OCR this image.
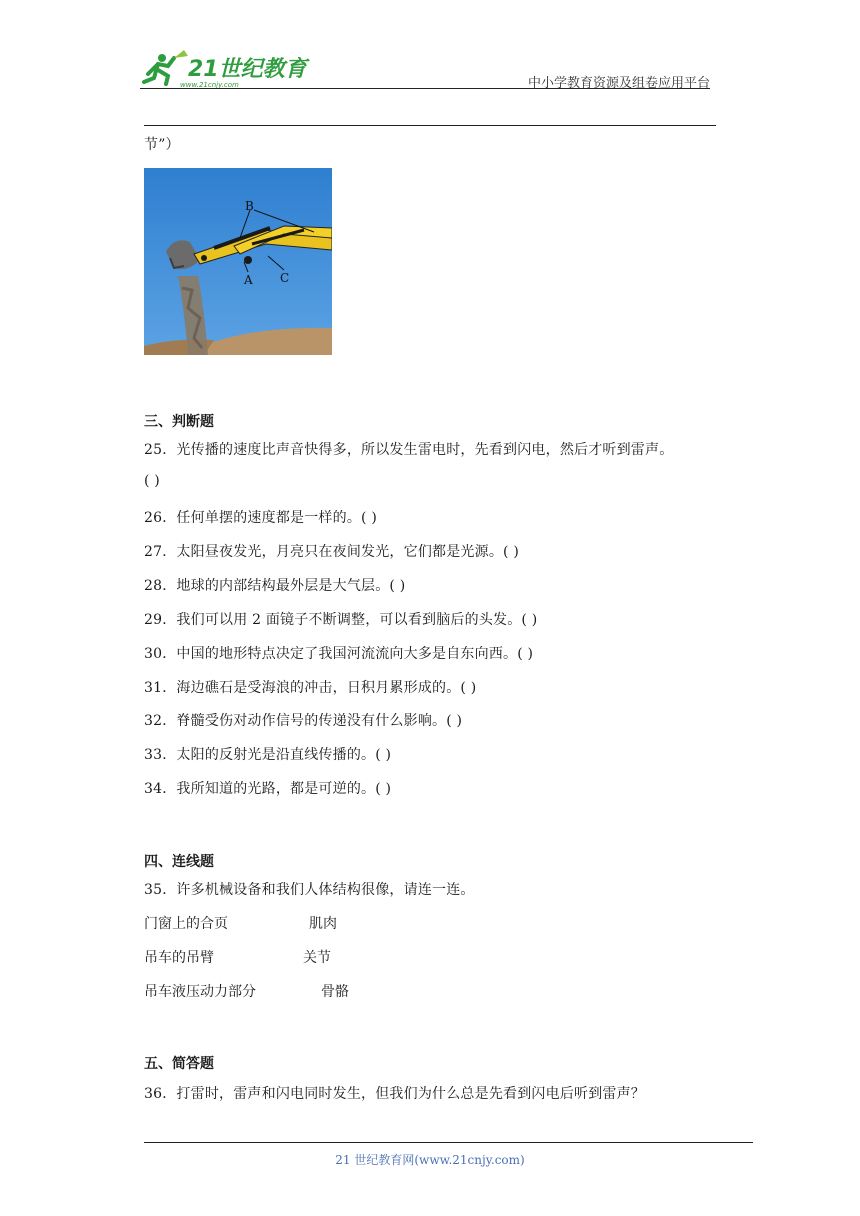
21世纪教育
www.21cnjy.com	中小学教育资源及组卷应用平台
节”）
B
A C
三、判断题
25．光传播的速度比声音快得多，所以发生雷电时，先看到闪电，然后才听到雷声。
( )
26．任何单摆的速度都是一样的。( )
27．太阳昼夜发光，月亮只在夜间发光，它们都是光源。( )
28．地球的内部结构最外层是大气层。( )
29．我们可以用 2 面镜子不断调整，可以看到脑后的头发。( )
30．中国的地形特点决定了我国河流流向大多是自东向西。( )
31．海边礁石是受海浪的冲击，日积月累形成的。( )
32．脊髓受伤对动作信号的传递没有什么影响。( )
33．太阳的反射光是沿直线传播的。( )
34．我所知道的光路，都是可逆的。( )
四、连线题
35．许多机械设备和我们人体结构很像，请连一连。
门窗上的合页	肌肉
吊车的吊臂	关节
吊车液压动力部分	骨骼
五、简答题
36．打雷时，雷声和闪电同时发生，但我们为什么总是先看到闪电后听到雷声？
21 世纪教育网(www.21cnjy.com)
